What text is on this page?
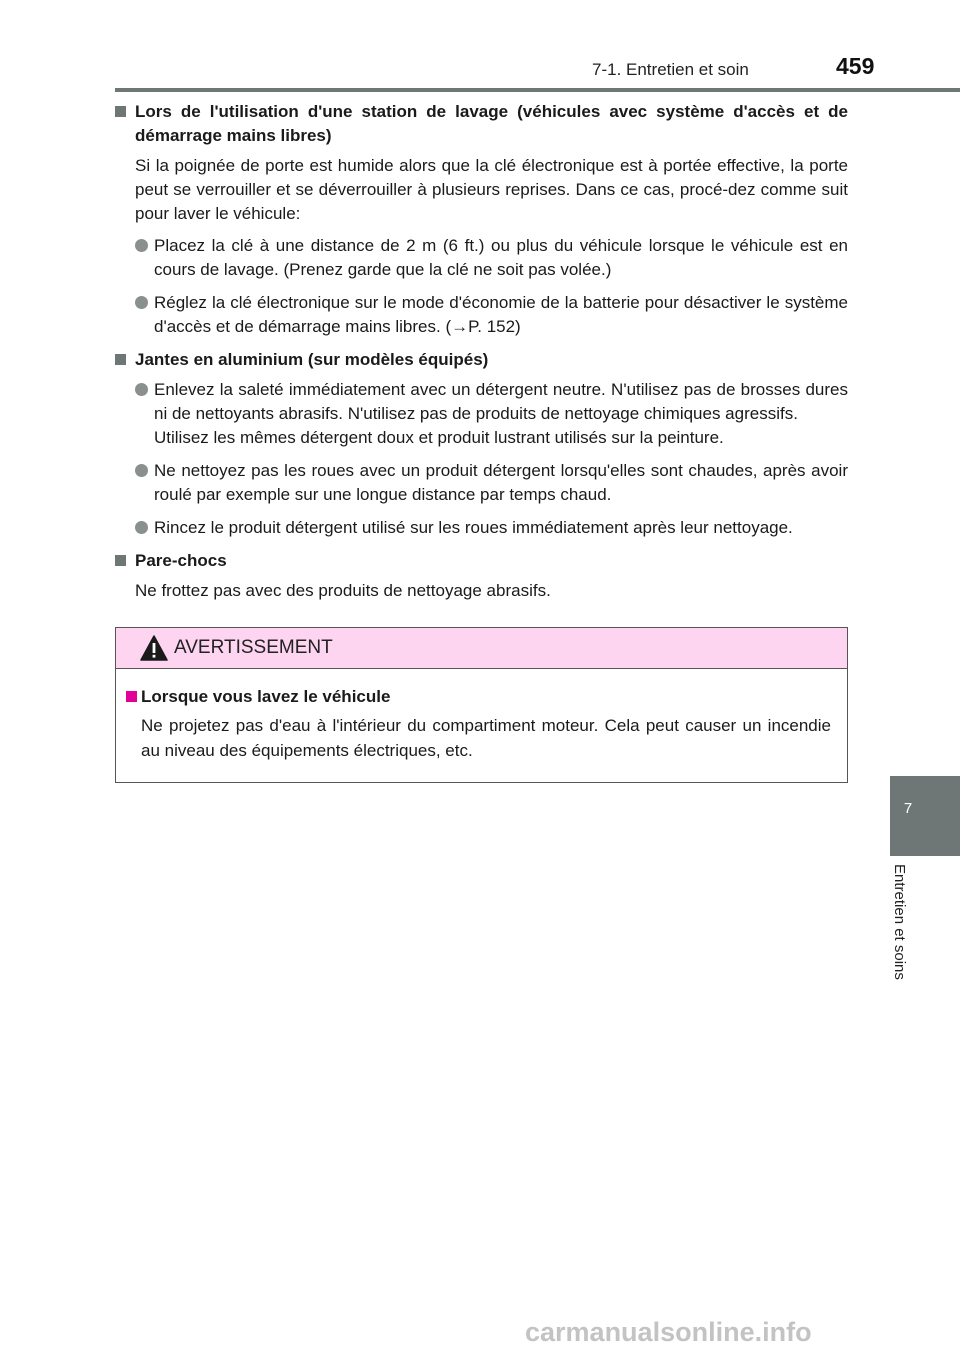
7-1. Entretien et soin	459
7
Entretien et soins
Lors de l'utilisation d'une station de lavage (véhicules avec système d'accès et de démarrage mains libres)
Si la poignée de porte est humide alors que la clé électronique est à portée effective, la porte peut se verrouiller et se déverrouiller à plusieurs reprises. Dans ce cas, procé-dez comme suit pour laver le véhicule:
Placez la clé à une distance de 2 m (6 ft.) ou plus du véhicule lorsque le véhicule est en cours de lavage. (Prenez garde que la clé ne soit pas volée.)
Réglez la clé électronique sur le mode d'économie de la batterie pour désactiver le système d'accès et de démarrage mains libres. (→P. 152)
Jantes en aluminium (sur modèles équipés)
Enlevez la saleté immédiatement avec un détergent neutre. N'utilisez pas de brosses dures ni de nettoyants abrasifs. N'utilisez pas de produits de nettoyage chimiques agressifs.
Utilisez les mêmes détergent doux et produit lustrant utilisés sur la peinture.
Ne nettoyez pas les roues avec un produit détergent lorsqu'elles sont chaudes, après avoir roulé par exemple sur une longue distance par temps chaud.
Rincez le produit détergent utilisé sur les roues immédiatement après leur nettoyage.
Pare-chocs
Ne frottez pas avec des produits de nettoyage abrasifs.
AVERTISSEMENT
Lorsque vous lavez le véhicule
Ne projetez pas d'eau à l'intérieur du compartiment moteur. Cela peut causer un incendie au niveau des équipements électriques, etc.
carmanualsonline.info
